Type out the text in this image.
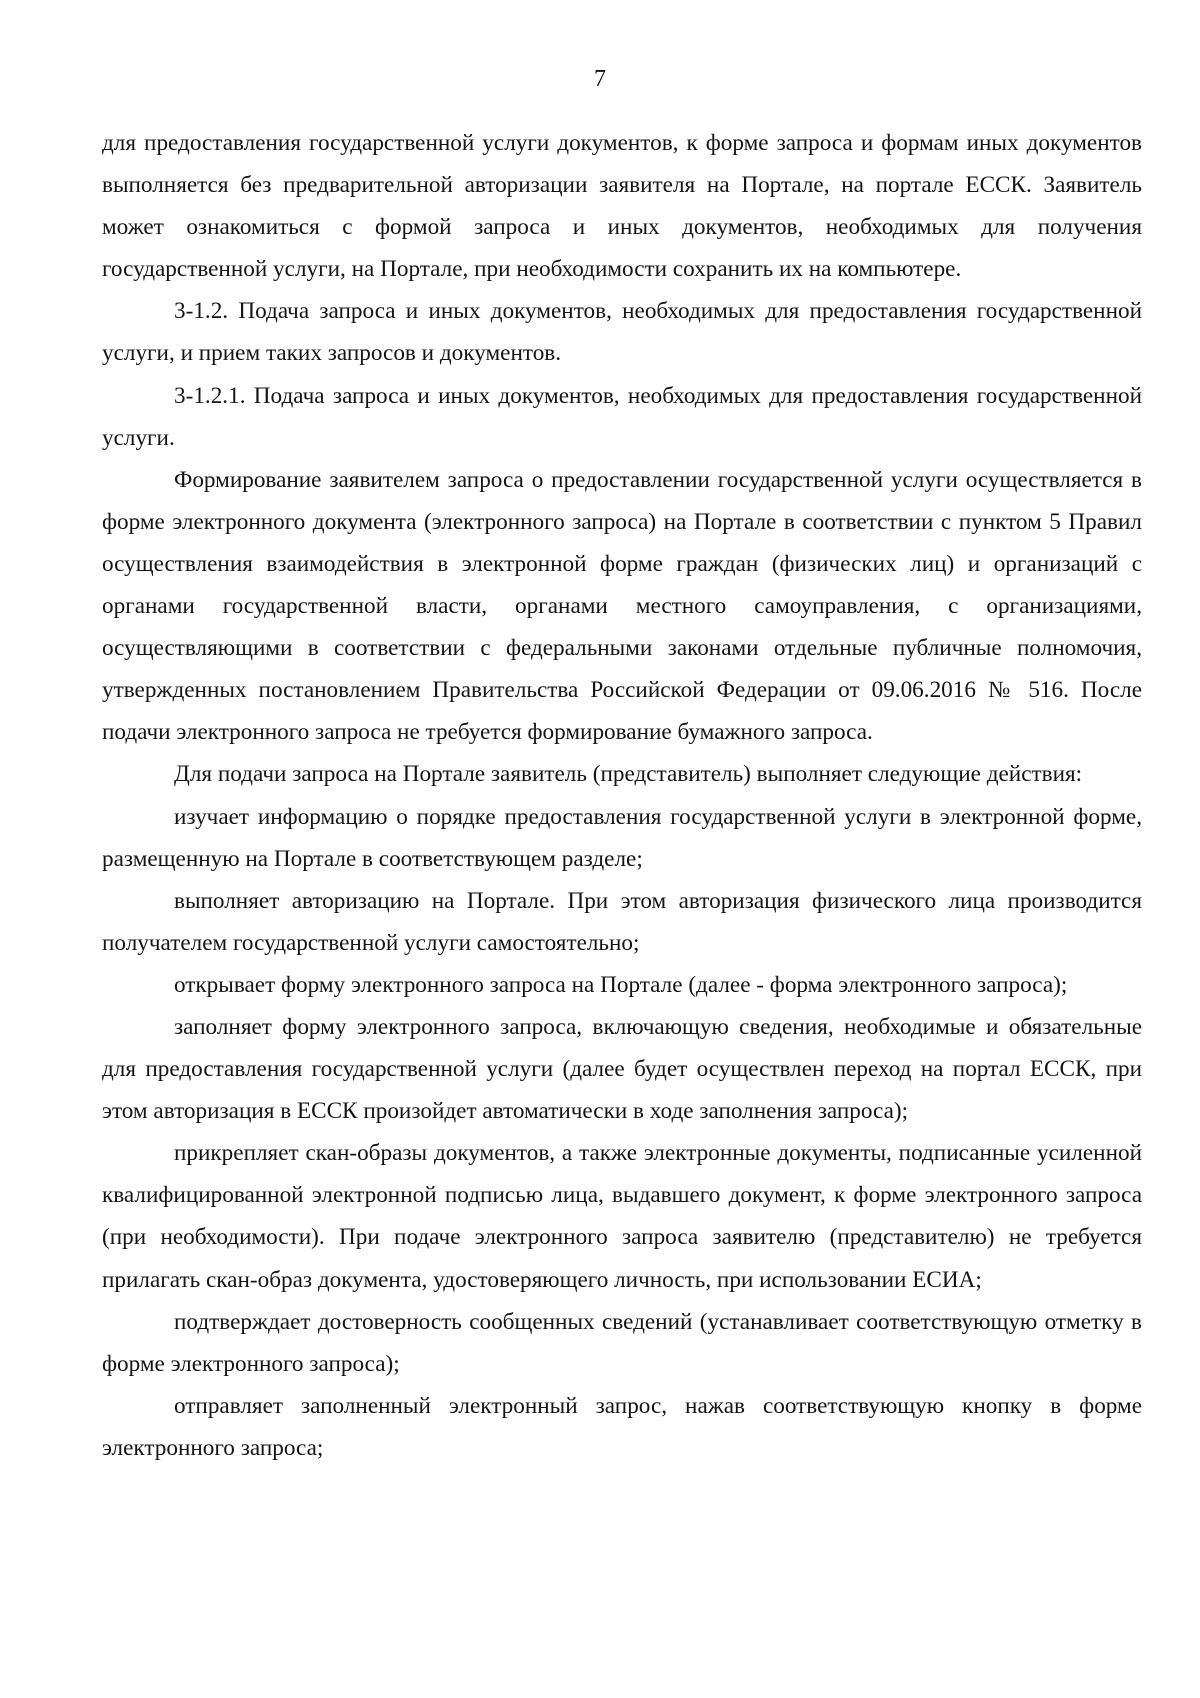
7

для предоставления государственной услуги документов, к форме запроса и формам иных документов выполняется без предварительной авторизации заявителя на Портале, на портале ЕССК. Заявитель может ознакомиться с формой запроса и иных документов, необходимых для получения государственной услуги, на Портале, при необходимости сохранить их на компьютере.

3-1.2. Подача запроса и иных документов, необходимых для предоставления государственной услуги, и прием таких запросов и документов.

3-1.2.1. Подача запроса и иных документов, необходимых для предоставления государственной услуги.

Формирование заявителем запроса о предоставлении государственной услуги осуществляется в форме электронного документа (электронного запроса) на Портале в соответствии с пунктом 5 Правил осуществления взаимодействия в электронной форме граждан (физических лиц) и организаций с органами государственной власти, органами местного самоуправления, с организациями, осуществляющими в соответствии с федеральными законами отдельные публичные полномочия, утвержденных постановлением Правительства Российской Федерации от 09.06.2016 № 516. После подачи электронного запроса не требуется формирование бумажного запроса.

Для подачи запроса на Портале заявитель (представитель) выполняет следующие действия:

изучает информацию о порядке предоставления государственной услуги в электронной форме, размещенную на Портале в соответствующем разделе;

выполняет авторизацию на Портале. При этом авторизация физического лица производится получателем государственной услуги самостоятельно;

открывает форму электронного запроса на Портале (далее - форма электронного запроса);

заполняет форму электронного запроса, включающую сведения, необходимые и обязательные для предоставления государственной услуги (далее будет осуществлен переход на портал ЕССК, при этом авторизация в ЕССК произойдет автоматически в ходе заполнения запроса);

прикрепляет скан-образы документов, а также электронные документы, подписанные усиленной квалифицированной электронной подписью лица, выдавшего документ, к форме электронного запроса (при необходимости). При подаче электронного запроса заявителю (представителю) не требуется прилагать скан-образ документа, удостоверяющего личность, при использовании ЕСИА;

подтверждает достоверность сообщенных сведений (устанавливает соответствующую отметку в форме электронного запроса);

отправляет заполненный электронный запрос, нажав соответствующую кнопку в форме электронного запроса;
